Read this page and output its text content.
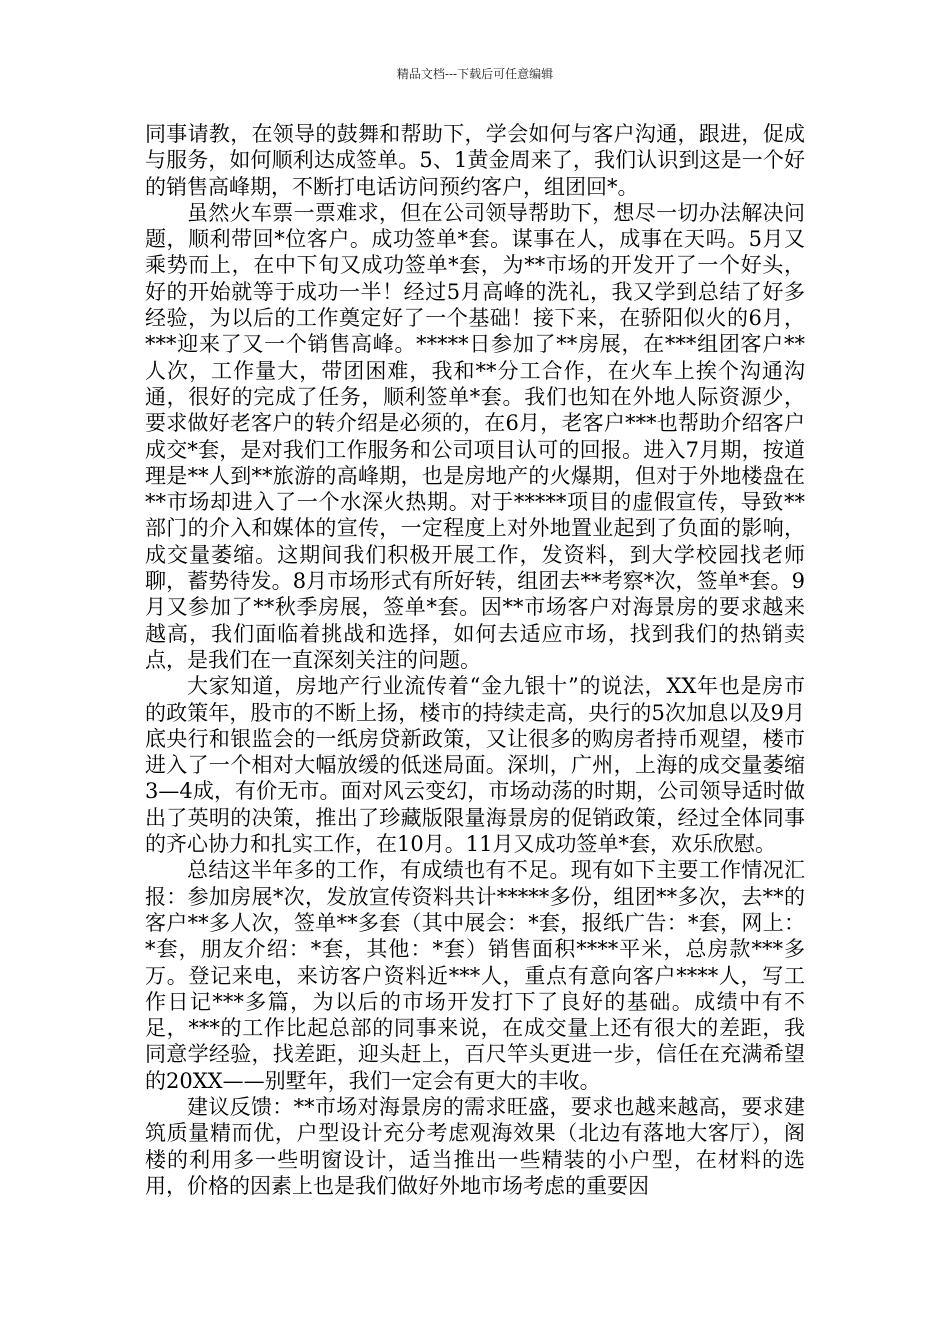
精品文档---下载后可任意编辑

同事请教，在领导的鼓舞和帮助下，学会如何与客户沟通，跟进，促成与服务，如何顺利达成签单。5、1黄金周来了，我们认识到这是一个好的销售高峰期，不断打电话访问预约客户，组团回*。

虽然火车票一票难求，但在公司领导帮助下，想尽一切办法解决问题，顺利带回*位客户。成功签单*套。谋事在人，成事在天吗。5月又乘势而上，在中下旬又成功签单*套，为**市场的开发开了一个好头，好的开始就等于成功一半！经过5月高峰的洗礼，我又学到总结了好多经验，为以后的工作奠定好了一个基础！接下来，在骄阳似火的6月，***迎来了又一个销售高峰。*****日参加了**房展，在***组团客户**人次，工作量大，带团困难，我和**分工合作，在火车上挨个沟通沟通，很好的完成了任务，顺利签单*套。我们也知在外地人际资源少，要求做好老客户的转介绍是必须的，在6月，老客户***也帮助介绍客户成交*套，是对我们工作服务和公司项目认可的回报。进入7月期，按道理是**人到**旅游的高峰期，也是房地产的火爆期，但对于外地楼盘在**市场却进入了一个水深火热期。对于*****项目的虚假宣传，导致**部门的介入和媒体的宣传，一定程度上对外地置业起到了负面的影响，成交量萎缩。这期间我们积极开展工作，发资料，到大学校园找老师聊，蓄势待发。8月市场形式有所好转，组团去**考察*次，签单*套。9月又参加了**秋季房展，签单*套。因**市场客户对海景房的要求越来越高，我们面临着挑战和选择，如何去适应市场，找到我们的热销卖点，是我们在一直深刻关注的问题。

大家知道，房地产行业流传着“金九银十”的说法，XX年也是房市的政策年，股市的不断上扬，楼市的持续走高，央行的5次加息以及9月底央行和银监会的一纸房贷新政策，又让很多的购房者持币观望，楼市进入了一个相对大幅放缓的低迷局面。深圳，广州，上海的成交量萎缩3—4成，有价无市。面对风云变幻，市场动荡的时期，公司领导适时做出了英明的决策，推出了珍藏版限量海景房的促销政策，经过全体同事的齐心协力和扎实工作，在10月。11月又成功签单*套，欢乐欣慰。

总结这半年多的工作，有成绩也有不足。现有如下主要工作情况汇报：参加房展*次，发放宣传资料共计*****多份，组团**多次，去**的客户**多人次，签单**多套（其中展会：*套，报纸广告：*套，网上：*套，朋友介绍：*套，其他：*套）销售面积****平米，总房款***多万。登记来电，来访客户资料近***人，重点有意向客户****人，写工作日记***多篇，为以后的市场开发打下了良好的基础。成绩中有不足，***的工作比起总部的同事来说，在成交量上还有很大的差距，我同意学经验，找差距，迎头赶上，百尺竿头更进一步，信任在充满希望的20XX——别墅年，我们一定会有更大的丰收。

建议反馈：**市场对海景房的需求旺盛，要求也越来越高，要求建筑质量精而优，户型设计充分考虑观海效果（北边有落地大客厅），阁楼的利用多一些明窗设计，适当推出一些精装的小户型，在材料的选用，价格的因素上也是我们做好外地市场考虑的重要因
